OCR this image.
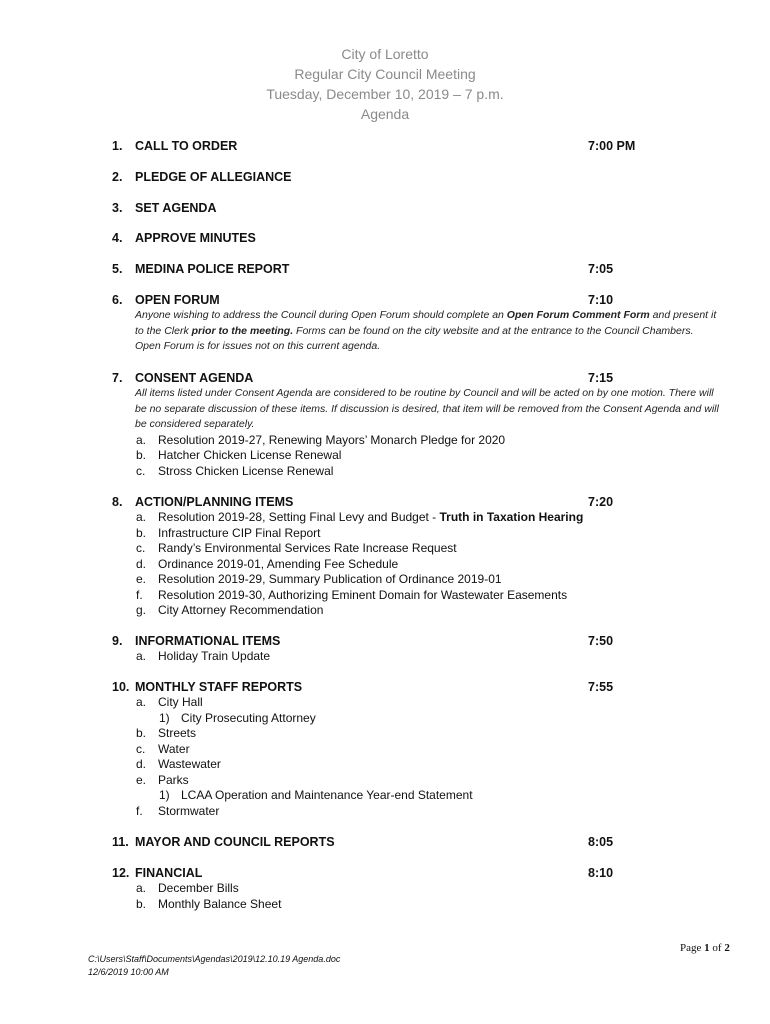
City of Loretto
Regular City Council Meeting
Tuesday, December 10, 2019 – 7 p.m.
Agenda
1. CALL TO ORDER	7:00 PM
2. PLEDGE OF ALLEGIANCE
3. SET AGENDA
4. APPROVE MINUTES
5. MEDINA POLICE REPORT	7:05
6. OPEN FORUM	7:10
Anyone wishing to address the Council during Open Forum should complete an Open Forum Comment Form and present it to the Clerk prior to the meeting. Forms can be found on the city website and at the entrance to the Council Chambers. Open Forum is for issues not on this current agenda.
7. CONSENT AGENDA	7:15
All items listed under Consent Agenda are considered to be routine by Council and will be acted on by one motion. There will be no separate discussion of these items. If discussion is desired, that item will be removed from the Consent Agenda and will be considered separately.
a. Resolution 2019-27, Renewing Mayors’ Monarch Pledge for 2020
b. Hatcher Chicken License Renewal
c. Stross Chicken License Renewal
8. ACTION/PLANNING ITEMS	7:20
a. Resolution 2019-28, Setting Final Levy and Budget - Truth in Taxation Hearing
b. Infrastructure CIP Final Report
c. Randy’s Environmental Services Rate Increase Request
d. Ordinance 2019-01, Amending Fee Schedule
e. Resolution 2019-29, Summary Publication of Ordinance 2019-01
f. Resolution 2019-30, Authorizing Eminent Domain for Wastewater Easements
g. City Attorney Recommendation
9. INFORMATIONAL ITEMS	7:50
a. Holiday Train Update
10. MONTHLY STAFF REPORTS	7:55
a. City Hall
1) City Prosecuting Attorney
b. Streets
c. Water
d. Wastewater
e. Parks
1) LCAA Operation and Maintenance Year-end Statement
f. Stormwater
11. MAYOR AND COUNCIL REPORTS	8:05
12. FINANCIAL	8:10
a. December Bills
b. Monthly Balance Sheet
Page 1 of 2
C:\Users\Staff\Documents\Agendas\2019\12.10.19 Agenda.doc
12/6/2019 10:00 AM
